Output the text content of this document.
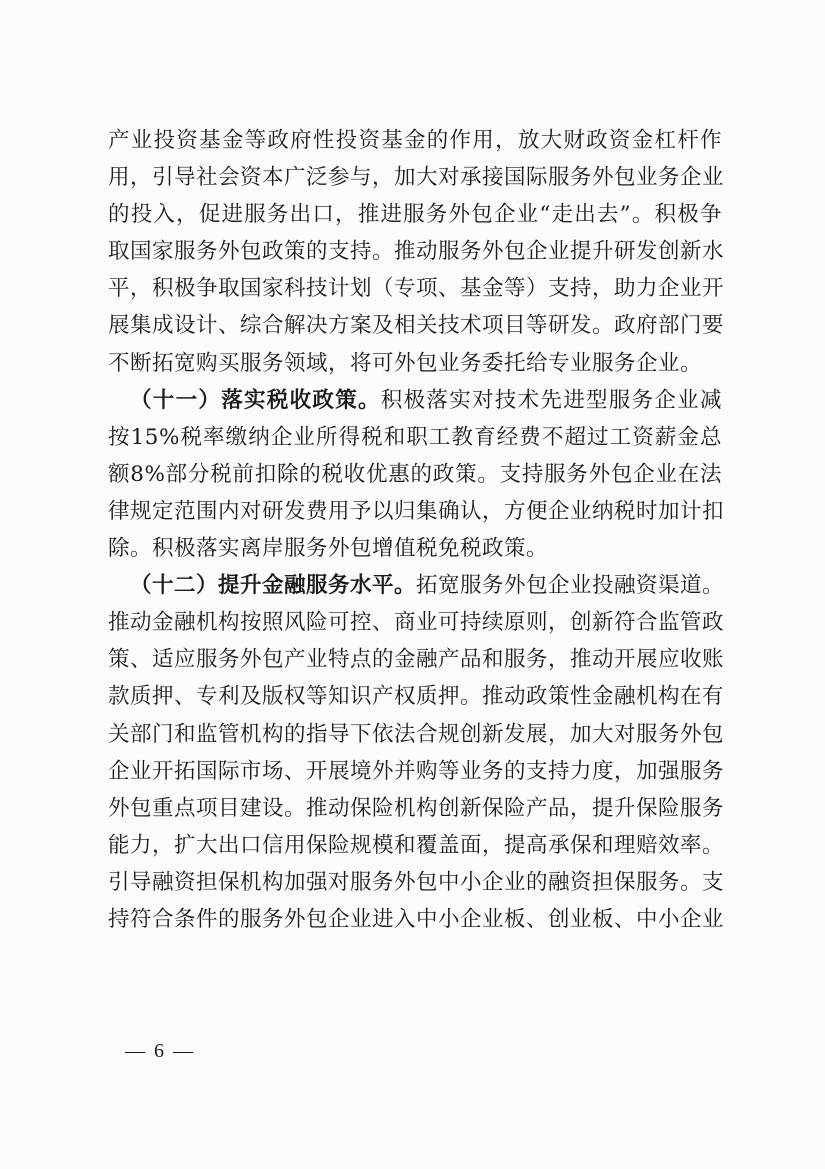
产业投资基金等政府性投资基金的作用，放大财政资金杠杆作
用，引导社会资本广泛参与，加大对承接国际服务外包业务企业
的投入，促进服务出口，推进服务外包企业“走出去”。积极争
取国家服务外包政策的支持。推动服务外包企业提升研发创新水
平，积极争取国家科技计划（专项、基金等）支持，助力企业开
展集成设计、综合解决方案及相关技术项目等研发。政府部门要
不断拓宽购买服务领域，将可外包业务委托给专业服务企业。
（十一）落实税收政策。积极落实对技术先进型服务企业减
按15%税率缴纳企业所得税和职工教育经费不超过工资薪金总
额8%部分税前扣除的税收优惠的政策。支持服务外包企业在法
律规定范围内对研发费用予以归集确认，方便企业纳税时加计扣
除。积极落实离岸服务外包增值税免税政策。
（十二）提升金融服务水平。拓宽服务外包企业投融资渠道。
推动金融机构按照风险可控、商业可持续原则，创新符合监管政
策、适应服务外包产业特点的金融产品和服务，推动开展应收账
款质押、专利及版权等知识产权质押。推动政策性金融机构在有
关部门和监管机构的指导下依法合规创新发展，加大对服务外包
企业开拓国际市场、开展境外并购等业务的支持力度，加强服务
外包重点项目建设。推动保险机构创新保险产品，提升保险服务
能力，扩大出口信用保险规模和覆盖面，提高承保和理赔效率。
引导融资担保机构加强对服务外包中小企业的融资担保服务。支
持符合条件的服务外包企业进入中小企业板、创业板、中小企业
— 6 —
